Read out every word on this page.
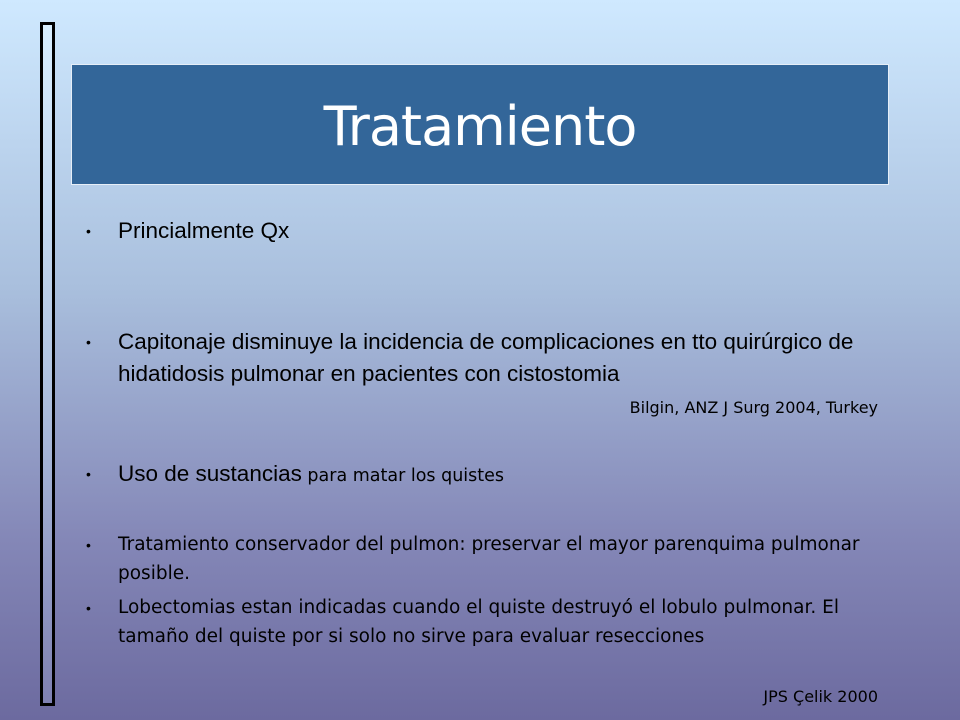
Tratamiento
•	Princialmente Qx
•	Capitonaje disminuye la incidencia de complicaciones en tto quirúrgico de hidatidosis pulmonar en pacientes con cistostomia
Bilgin, ANZ J Surg 2004, Turkey
•	Uso de sustancias para matar los quistes
•	Tratamiento conservador del pulmon: preservar el mayor parenquima pulmonar posible.
•	Lobectomias estan indicadas cuando el quiste destruyó el lobulo pulmonar. El tamaño del quiste por si solo no sirve para evaluar resecciones
JPS Çelik 2000
